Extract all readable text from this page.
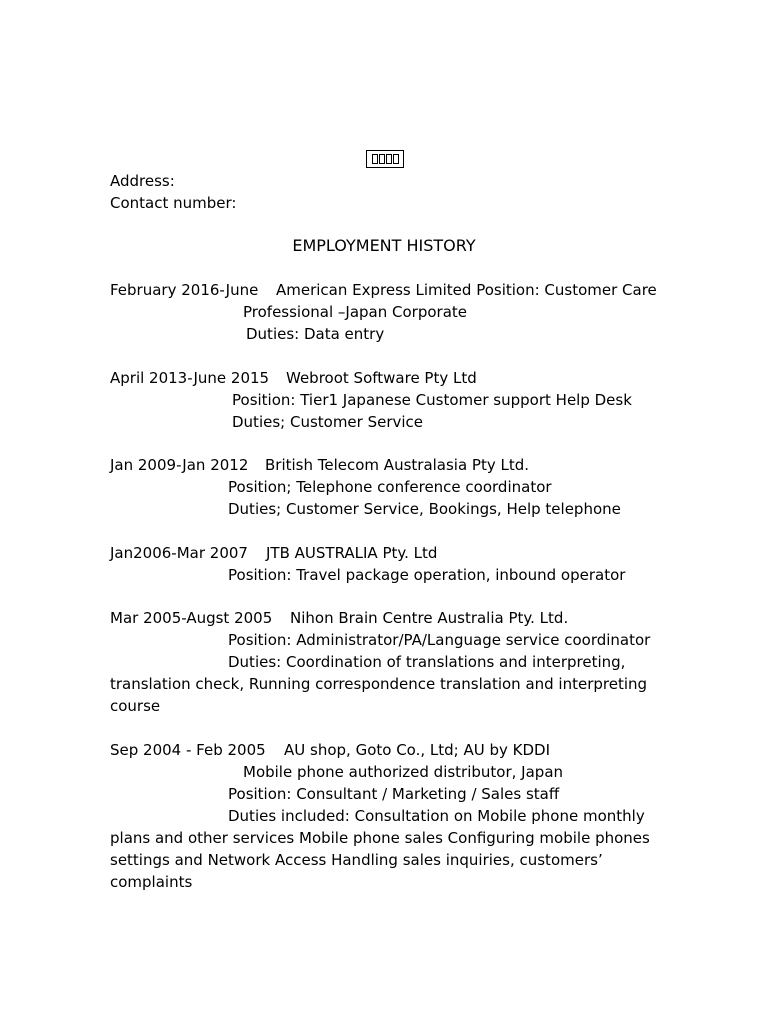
Address:
Contact number:
EMPLOYMENT HISTORY
February 2016-June American Express Limited Position: Customer Care
Professional –Japan Corporate
Duties: Data entry
April 2013-June 2015 Webroot Software Pty Ltd
Position: Tier1 Japanese Customer support Help Desk
Duties; Customer Service
Jan 2009-Jan 2012 British Telecom Australasia Pty Ltd.
Position; Telephone conference coordinator
Duties; Customer Service, Bookings, Help telephone
Jan2006-Mar 2007 JTB AUSTRALIA Pty. Ltd
Position: Travel package operation, inbound operator
Mar 2005-Augst 2005 Nihon Brain Centre Australia Pty. Ltd.
Position: Administrator/PA/Language service coordinator
Duties: Coordination of translations and interpreting,
translation check, Running correspondence translation and interpreting
course
Sep 2004 - Feb 2005 AU shop, Goto Co., Ltd; AU by KDDI
Mobile phone authorized distributor, Japan
Position: Consultant / Marketing / Sales staff
Duties included: Consultation on Mobile phone monthly
plans and other services Mobile phone sales Configuring mobile phones
settings and Network Access Handling sales inquiries, customers’
complaints
